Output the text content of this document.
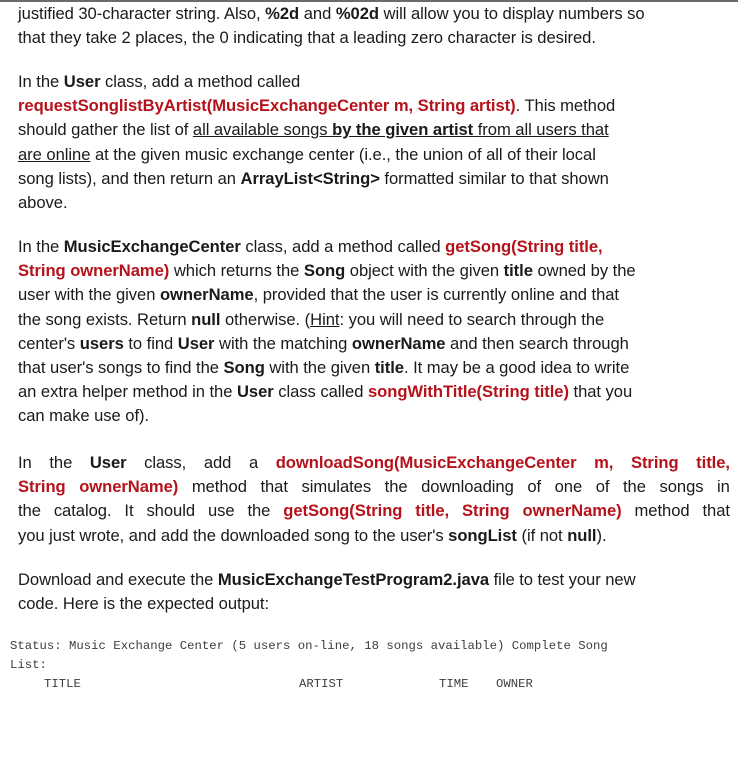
justified 30-character string. Also, %2d and %02d will allow you to display numbers so
that they take 2 places, the 0 indicating that a leading zero character is desired.
In the User class, add a method called
requestSonglistByArtist(MusicExchangeCenter m, String artist). This method
should gather the list of all available songs by the given artist from all users that
are online at the given music exchange center (i.e., the union of all of their local
song lists), and then return an ArrayList<String> formatted similar to that shown
above.
In the MusicExchangeCenter class, add a method called getSong(String title,
String ownerName) which returns the Song object with the given title owned by the
user with the given ownerName, provided that the user is currently online and that
the song exists. Return null otherwise. (Hint: you will need to search through the
center's users to find User with the matching ownerName and then search through
that user's songs to find the Song with the given title. It may be a good idea to write
an extra helper method in the User class called songWithTitle(String title) that you
can make use of).
In the User class, add a downloadSong(MusicExchangeCenter m, String title,
String ownerName) method that simulates the downloading of one of the songs in
the catalog. It should use the getSong(String title, String ownerName) method that
you just wrote, and add the downloaded song to the user's songList (if not null).
Download and execute the MusicExchangeTestProgram2.java file to test your new
code. Here is the expected output:
Status: Music Exchange Center (5 users on-line, 18 songs available) Complete Song
List:
TITLE	ARTIST	TIME OWNER
